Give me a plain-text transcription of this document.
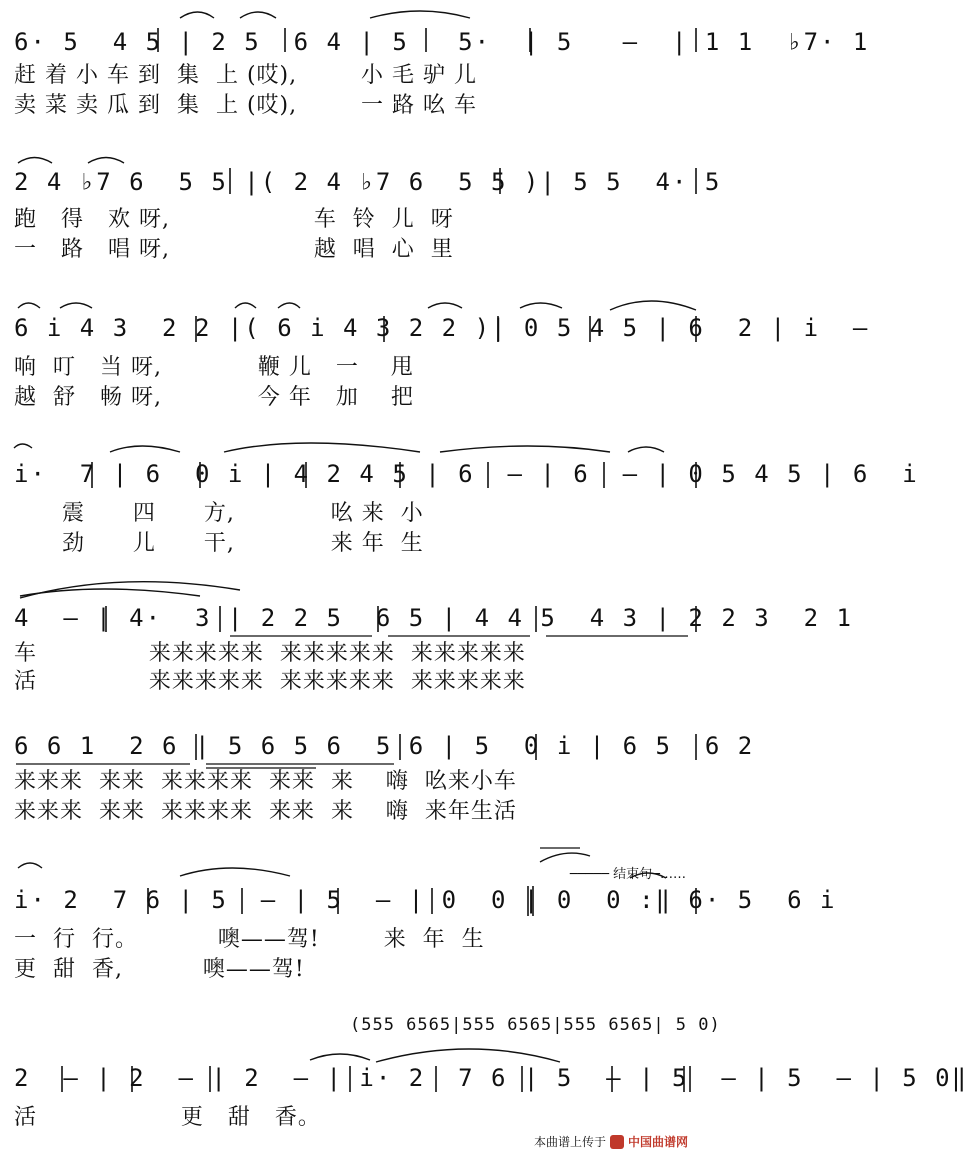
6· 5  4 5 | 2 5  6 4 | 5   5·  | 5   –  | 1 1  ♭7· 1
赶 着 小 车 到  集  上 (哎),        小 毛 驴 儿
卖 菜 卖 瓜 到  集  上 (哎),        一 路 吆 车
2 4 ♭7 6  5 5 |( 2 4 ♭7 6  5 5 )| 5 5  4· 5
跑   得   欢 呀,                  车  铃  儿  呀
一   路   唱 呀,                  越  唱  心  里
6 i 4 3  2 2 |( 6 i 4 3 2 2 )| 0 5 4 5 | 6  2 | i  –
响  叮   当 呀,            鞭 儿   一    甩
越  舒   畅 呀,            今 年   加    把
i·  7 | 6  0 i | 4 2 4 5 | 6  – | 6  – | 0 5 4 5 | 6  i
震      四      方,            吆 来  小
劲      儿      干,            来 年  生
4  – | 4·  3 | 2 2 5  6 5 | 4 4 5  4 3 | 2 2 3  2 1
车              来来来来来  来来来来来  来来来来来
活              来来来来来  来来来来来  来来来来来
6 6 1  2 6 | 5 6 5 6  5 6 | 5  0 i | 6 5  6 2
来来来  来来  来来来来  来来  来    嗨  吆来小车
来来来  来来  来来来来  来来  来    嗨  来年生活

───── 结束句─……

i· 2  7 6 | 5  – | 5  – | 0  0 | 0  0 :‖ 6· 5  6 i
一  行  行。          噢——驾!        来  年  生
更  甜  香,          噢——驾!
(555 6565|555 6565|555 6565| 5 0)
2  – | 2  – | 2  – | i· 2  7 6 | 5  – | 5  – | 5  – | 5 0‖
活                  更   甜   香。
本曲谱上传于 中国曲谱网
